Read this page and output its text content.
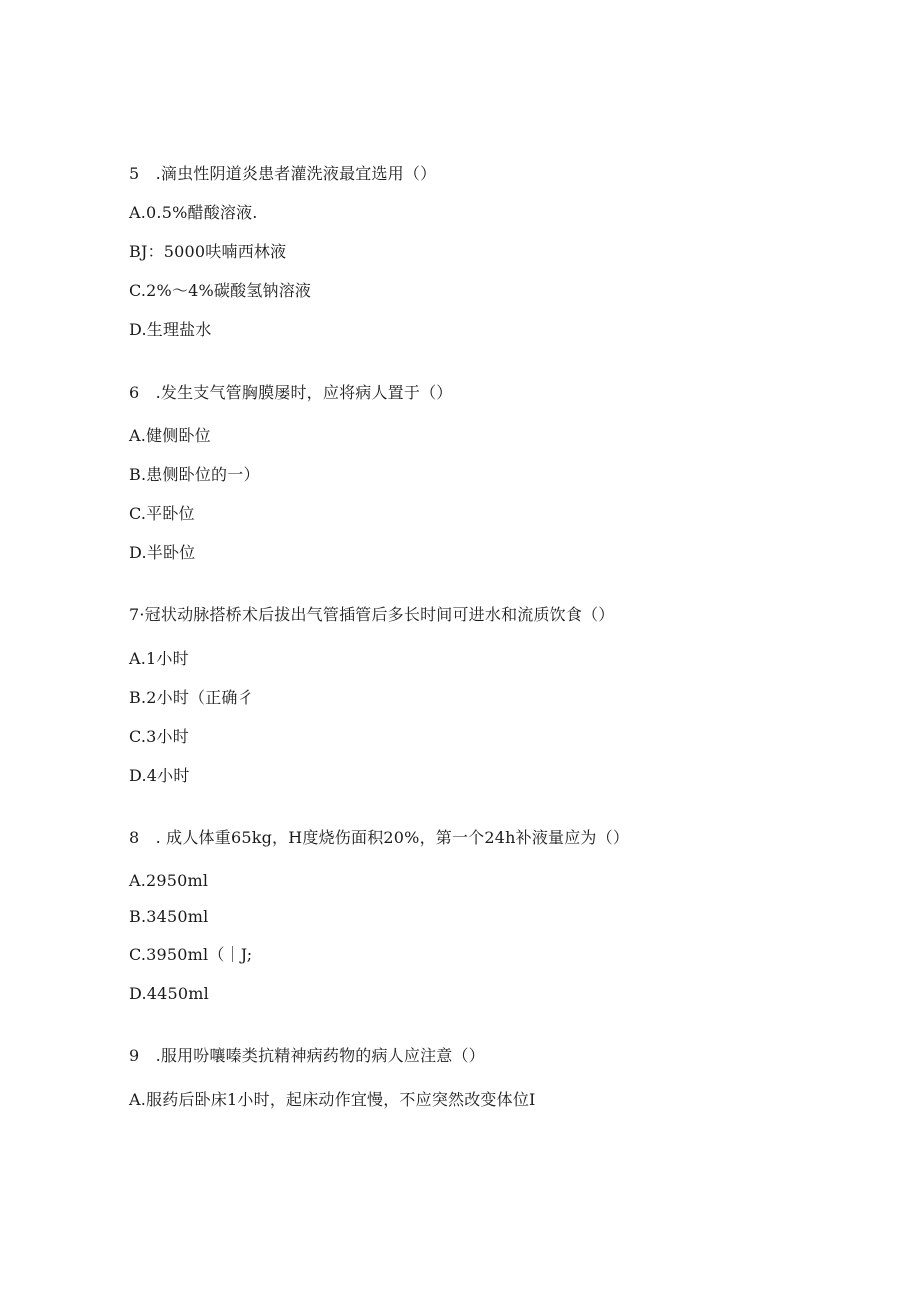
5　.滴虫性阴道炎患者灌洗液最宜选用（）
A.0.5%醋酸溶液.
BJ：5000呋喃西林液
C.2%～4%碳酸氢钠溶液
D.生理盐水
6　.发生支气管胸膜屡时，应将病人置于（）
A.健侧卧位
B.患侧卧位的一）
C.平卧位
D.半卧位
7·冠状动脉搭桥术后拔出气管插管后多长时间可进水和流质饮食（）
A.1小时
B.2小时（正确彳
C.3小时
D.4小时
8　. 成人体重65kg，H度烧伤面积20%，第一个24h补液量应为（）
A.2950ml
B.3450ml
C.3950ml（｜J;
D.4450ml
9　.服用吩嚷嗪类抗精神病药物的病人应注意（）
A.服药后卧床1小时，起床动作宜慢，不应突然改变体位I
